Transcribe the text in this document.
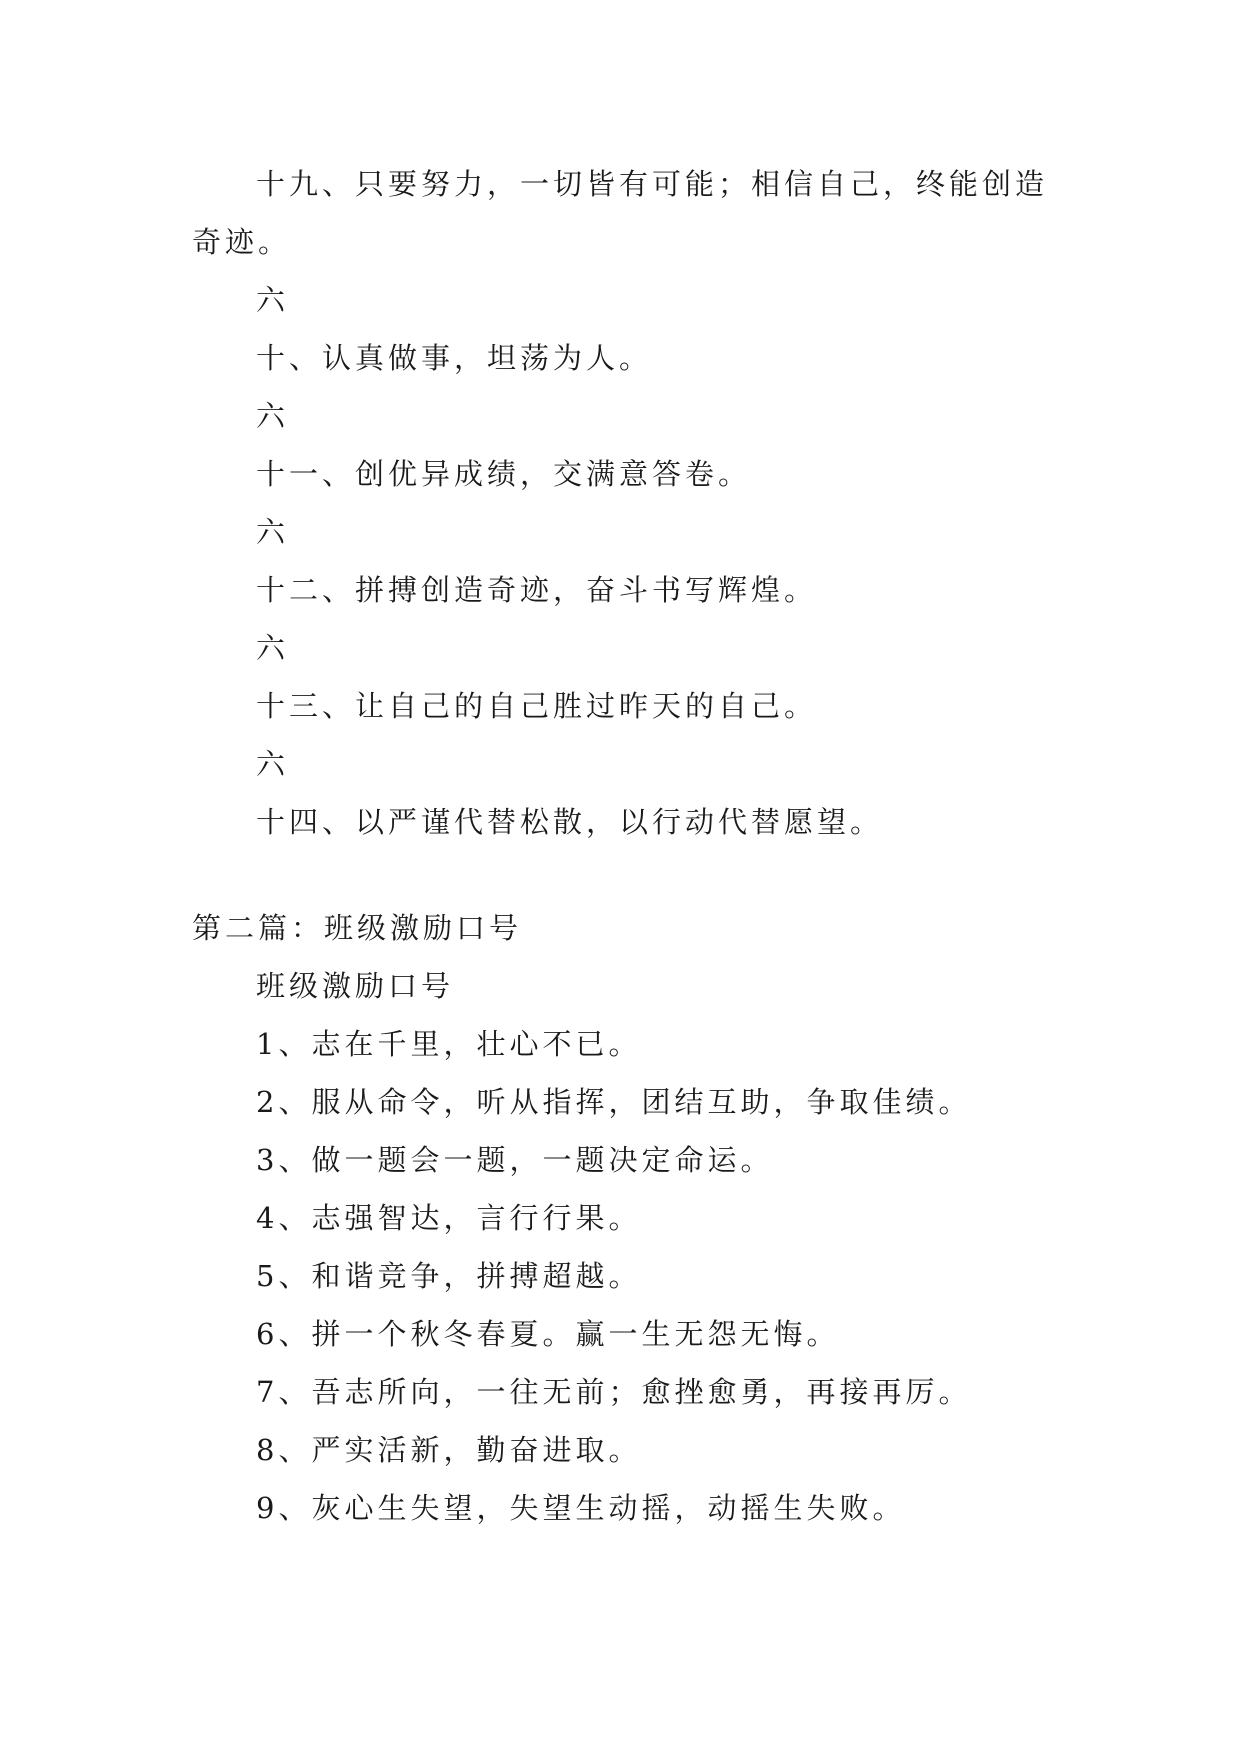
十九、只要努力，一切皆有可能；相信自己，终能创造奇迹。

六

十、认真做事，坦荡为人。

六

十一、创优异成绩，交满意答卷。

六

十二、拼搏创造奇迹，奋斗书写辉煌。

六

十三、让自己的自己胜过昨天的自己。

六

十四、以严谨代替松散，以行动代替愿望。

第二篇：班级激励口号

班级激励口号

1、志在千里，壮心不已。

2、服从命令，听从指挥，团结互助，争取佳绩。

3、做一题会一题，一题决定命运。

4、志强智达，言行行果。

5、和谐竞争，拼搏超越。

6、拼一个秋冬春夏。赢一生无怨无悔。

7、吾志所向，一往无前；愈挫愈勇，再接再厉。

8、严实活新，勤奋进取。

9、灰心生失望，失望生动摇，动摇生失败。
